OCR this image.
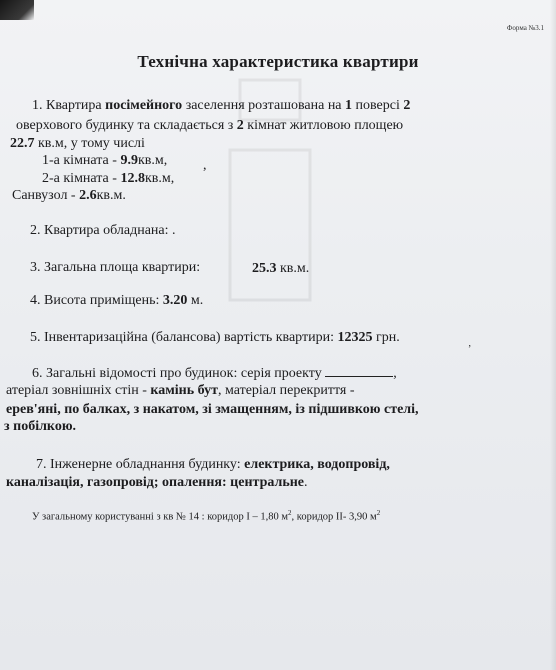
Форма №3.1
Технічна характеристика квартири
1. Квартира посімейного заселення розташована на 1 поверсі 2
оверхового будинку та складається з 2 кімнат житловою площею
22.7 кв.м, у тому числі
1-а кімната - 9.9кв.м,	,
2-а кімната - 12.8кв.м,
Санвузол - 2.6кв.м.
2. Квартира обладнана: .
3. Загальна площа квартири:	25.3 кв.м.
4. Висота приміщень: 3.20 м.
5. Інвентаризаційна (балансова) вартість квартири: 12325 грн.	‚
6. Загальні відомості про будинок: серія проекту	,
атеріал зовнішніх стін - камінь бут, матеріал перекриття -
ерев'яні, по балках, з накатом, зі змащенням, із підшивкою стелі,
з побілкою.
7. Інженерне обладнання будинку: електрика, водопровід,
каналізація, газопровід; опалення: центральне.
У загальному користуванні з кв № 14 : коридор І – 1,80 $м^2$, коридор ІІ- 3,90 $м^2$
